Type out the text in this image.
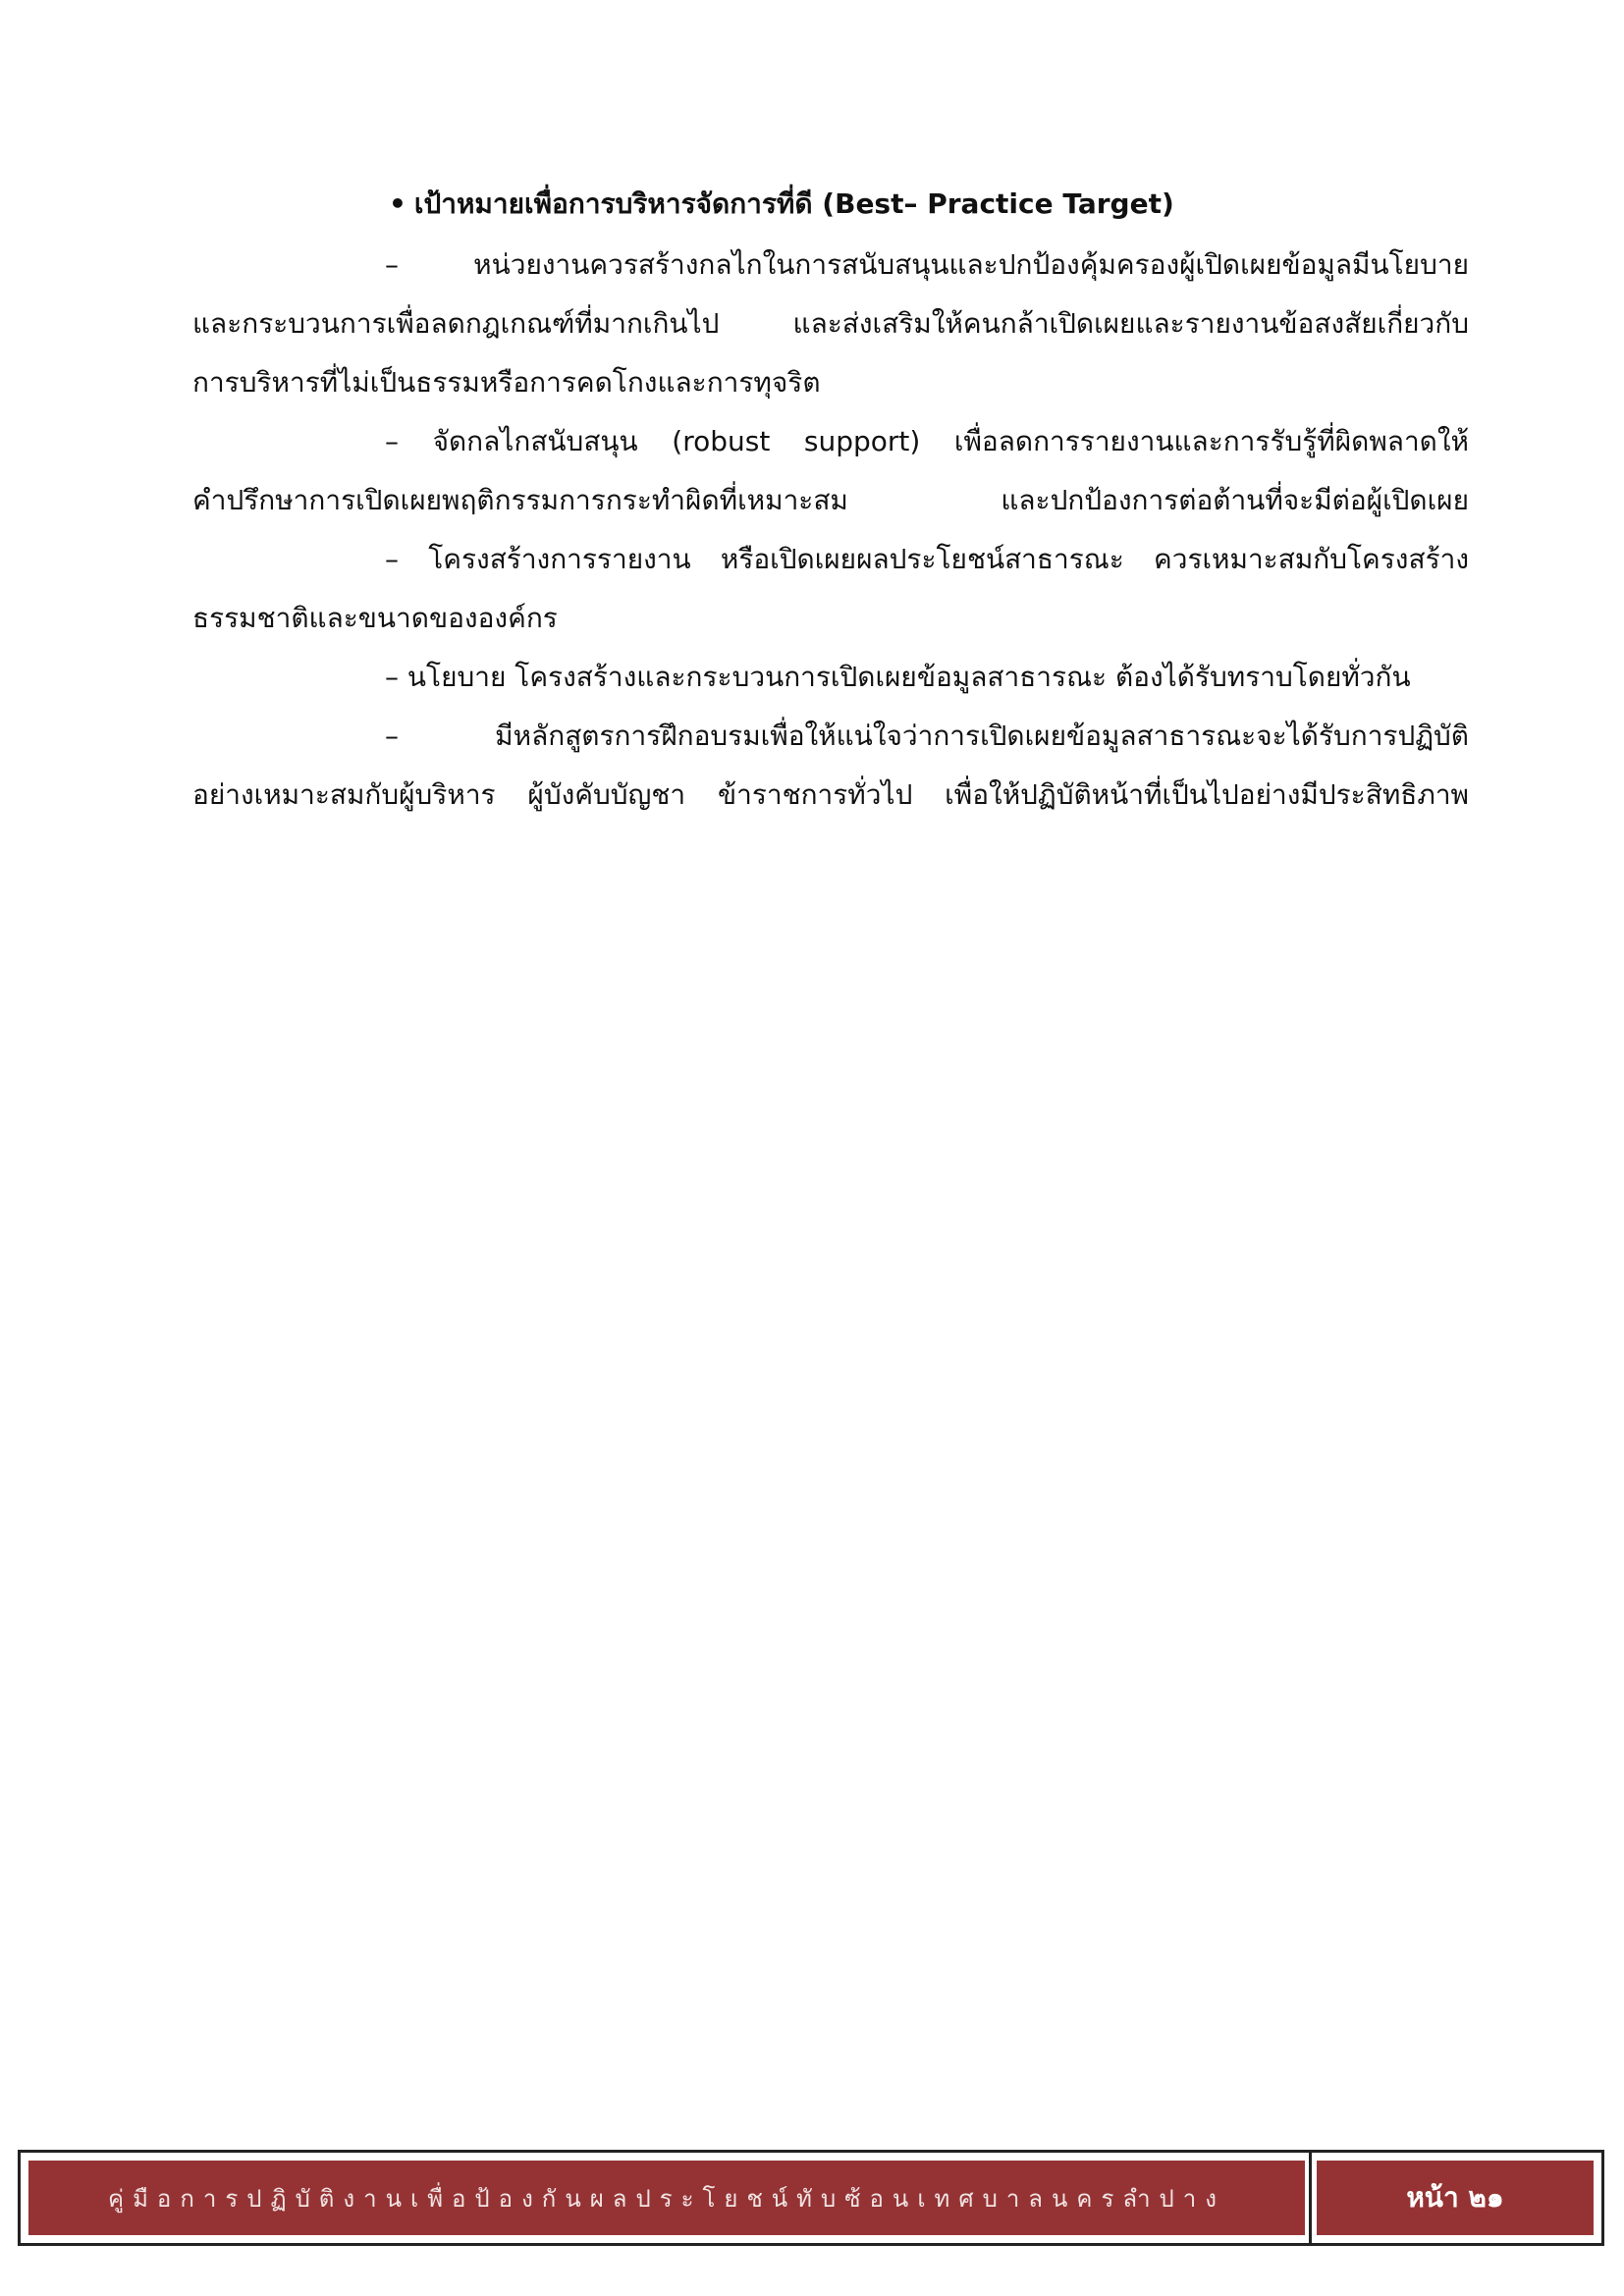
• เป้าหมายเพื่อการบริหารจัดการที่ดี (Best– Practice Target)
– หน่วยงานควรสร้างกลไกในการสนับสนุนและปกป้องคุ้มครองผู้เปิดเผยข้อมูลมีนโยบาย
และกระบวนการเพื่อลดกฎเกณฑ์ที่มากเกินไป และส่งเสริมให้คนกล้าเปิดเผยและรายงานข้อสงสัยเกี่ยวกับ
การบริหารที่ไม่เป็นธรรมหรือการคดโกงและการทุจริต
– จัดกลไกสนับสนุน (robust support) เพื่อลดการรายงานและการรับรู้ที่ผิดพลาดให้
คำปรึกษาการเปิดเผยพฤติกรรมการกระทำผิดที่เหมาะสม และปกป้องการต่อต้านที่จะมีต่อผู้เปิดเผย
– โครงสร้างการรายงาน หรือเปิดเผยผลประโยชน์สาธารณะ ควรเหมาะสมกับโครงสร้าง
ธรรมชาติและขนาดขององค์กร
– นโยบาย โครงสร้างและกระบวนการเปิดเผยข้อมูลสาธารณะ ต้องได้รับทราบโดยทั่วกัน
– มีหลักสูตรการฝึกอบรมเพื่อให้แน่ใจว่าการเปิดเผยข้อมูลสาธารณะจะได้รับการปฏิบัติ
อย่างเหมาะสมกับผู้บริหาร ผู้บังคับบัญชา ข้าราชการทั่วไป เพื่อให้ปฏิบัติหน้าที่เป็นไปอย่างมีประสิทธิภาพ
คู่มือการปฏิบัติงานเพื่อป้องกันผลประโยชน์ทับซ้อนเทศบาลนครลำปาง	หน้า ๒๑
